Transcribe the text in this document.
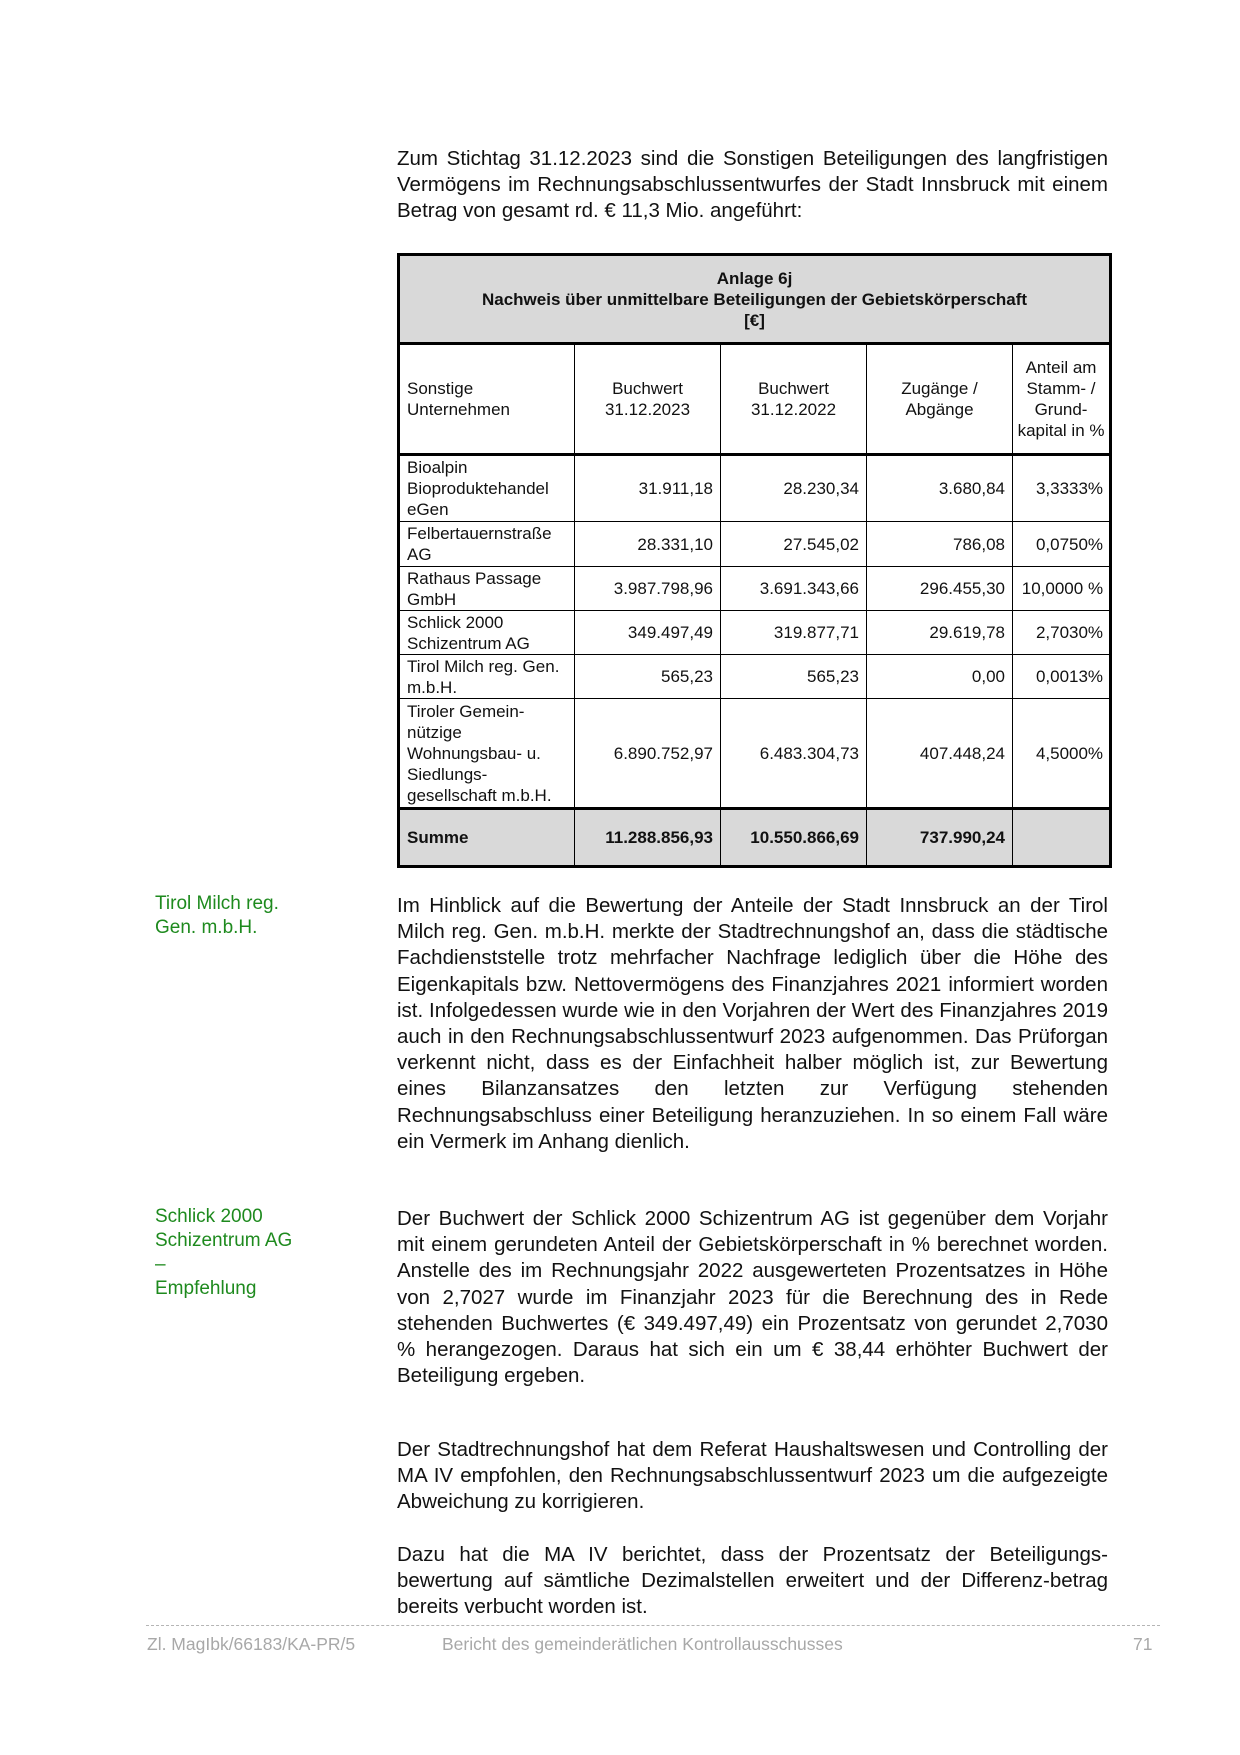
Zum Stichtag 31.12.2023 sind die Sonstigen Beteiligungen des langfristigen Vermögens im Rechnungsabschlussentwurfes der Stadt Innsbruck mit einem Betrag von gesamt rd. € 11,3 Mio. angeführt:

Anlage 6j
Nachweis über unmittelbare Beteiligungen der Gebietskörperschaft
[€]				

Sonstige Unternehmen	Buchwert 31.12.2023	Buchwert 31.12.2022	Zugänge / Abgänge	Anteil am Stamm- / Grund-kapital in %
Bioalpin Bioproduktehandel eGen	31.911,18	28.230,34	3.680,84	3,3333%
Felbertauernstraße AG	28.331,10	27.545,02	786,08	0,0750%
Rathaus Passage GmbH	3.987.798,96	3.691.343,66	296.455,30	10,0000 %
Schlick 2000 Schizentrum AG	349.497,49	319.877,71	29.619,78	2,7030%
Tirol Milch reg. Gen. m.b.H.	565,23	565,23	0,00	0,0013%
Tiroler Gemein-nützige Wohnungsbau- u. Siedlungs-gesellschaft m.b.H.	6.890.752,97	6.483.304,73	407.448,24	4,5000%
Summe	11.288.856,93	10.550.866,69	737.990,24	
Tirol Milch reg.
Gen. m.b.H.

Im Hinblick auf die Bewertung der Anteile der Stadt Innsbruck an der Tirol Milch reg. Gen. m.b.H. merkte der Stadtrechnungshof an, dass die städtische Fachdienststelle trotz mehrfacher Nachfrage lediglich über die Höhe des Eigenkapitals bzw. Nettovermögens des Finanzjahres 2021 informiert worden ist. Infolgedessen wurde wie in den Vorjahren der Wert des Finanzjahres 2019 auch in den Rechnungsabschlussentwurf 2023 aufgenommen. Das Prüforgan verkennt nicht, dass es der Einfachheit halber möglich ist, zur Bewertung eines Bilanzansatzes den letzten zur Verfügung stehenden Rechnungsabschluss einer Beteiligung heranzuziehen. In so einem Fall wäre ein Vermerk im Anhang dienlich.

Schlick 2000
Schizentrum AG
–
Empfehlung

Der Buchwert der Schlick 2000 Schizentrum AG ist gegenüber dem Vorjahr mit einem gerundeten Anteil der Gebietskörperschaft in % berechnet worden. Anstelle des im Rechnungsjahr 2022 ausgewerteten Prozentsatzes in Höhe von 2,7027 wurde im Finanzjahr 2023 für die Berechnung des in Rede stehenden Buchwertes (€ 349.497,49) ein Prozentsatz von gerundet 2,7030 % herangezogen. Daraus hat sich ein um € 38,44 erhöhter Buchwert der Beteiligung ergeben.

Der Stadtrechnungshof hat dem Referat Haushaltswesen und Controlling der MA IV empfohlen, den Rechnungsabschlussentwurf 2023 um die aufgezeigte Abweichung zu korrigieren.

Dazu hat die MA IV berichtet, dass der Prozentsatz der Beteiligungs-bewertung auf sämtliche Dezimalstellen erweitert und der Differenz-betrag bereits verbucht worden ist.

Zl. MagIbk/66183/KA-PR/5	Bericht des gemeinderätlichen Kontrollausschusses	71
